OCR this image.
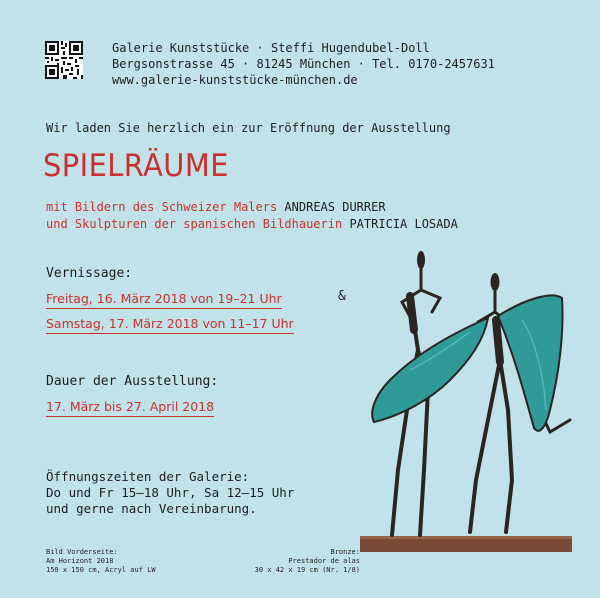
Galerie Kunststücke · Steffi Hugendubel-Doll
Bergsonstrasse 45 · 81245 München · Tel. 0170-2457631
www.galerie-kunststücke-münchen.de
Wir laden Sie herzlich ein zur Eröffnung der Ausstellung
SPIELRÄUME
mit Bildern des Schweizer Malers ANDREAS DURRER
und Skulpturen der spanischen Bildhauerin PATRICIA LOSADA
Vernissage:
Freitag, 16. März 2018 von 19–21 Uhr	&
Samstag, 17. März 2018 von 11–17 Uhr
Dauer der Ausstellung:
17. März bis 27. April 2018
Öffnungszeiten der Galerie:
Do und Fr 15–18 Uhr, Sa 12–15 Uhr
und gerne nach Vereinbarung.
Bild Vorderseite:
Am Horizont 2018
150 x 150 cm, Acryl auf LW
Bronze:
Prestador de alas
30 x 42 x 19 cm (Nr. 1/8)
